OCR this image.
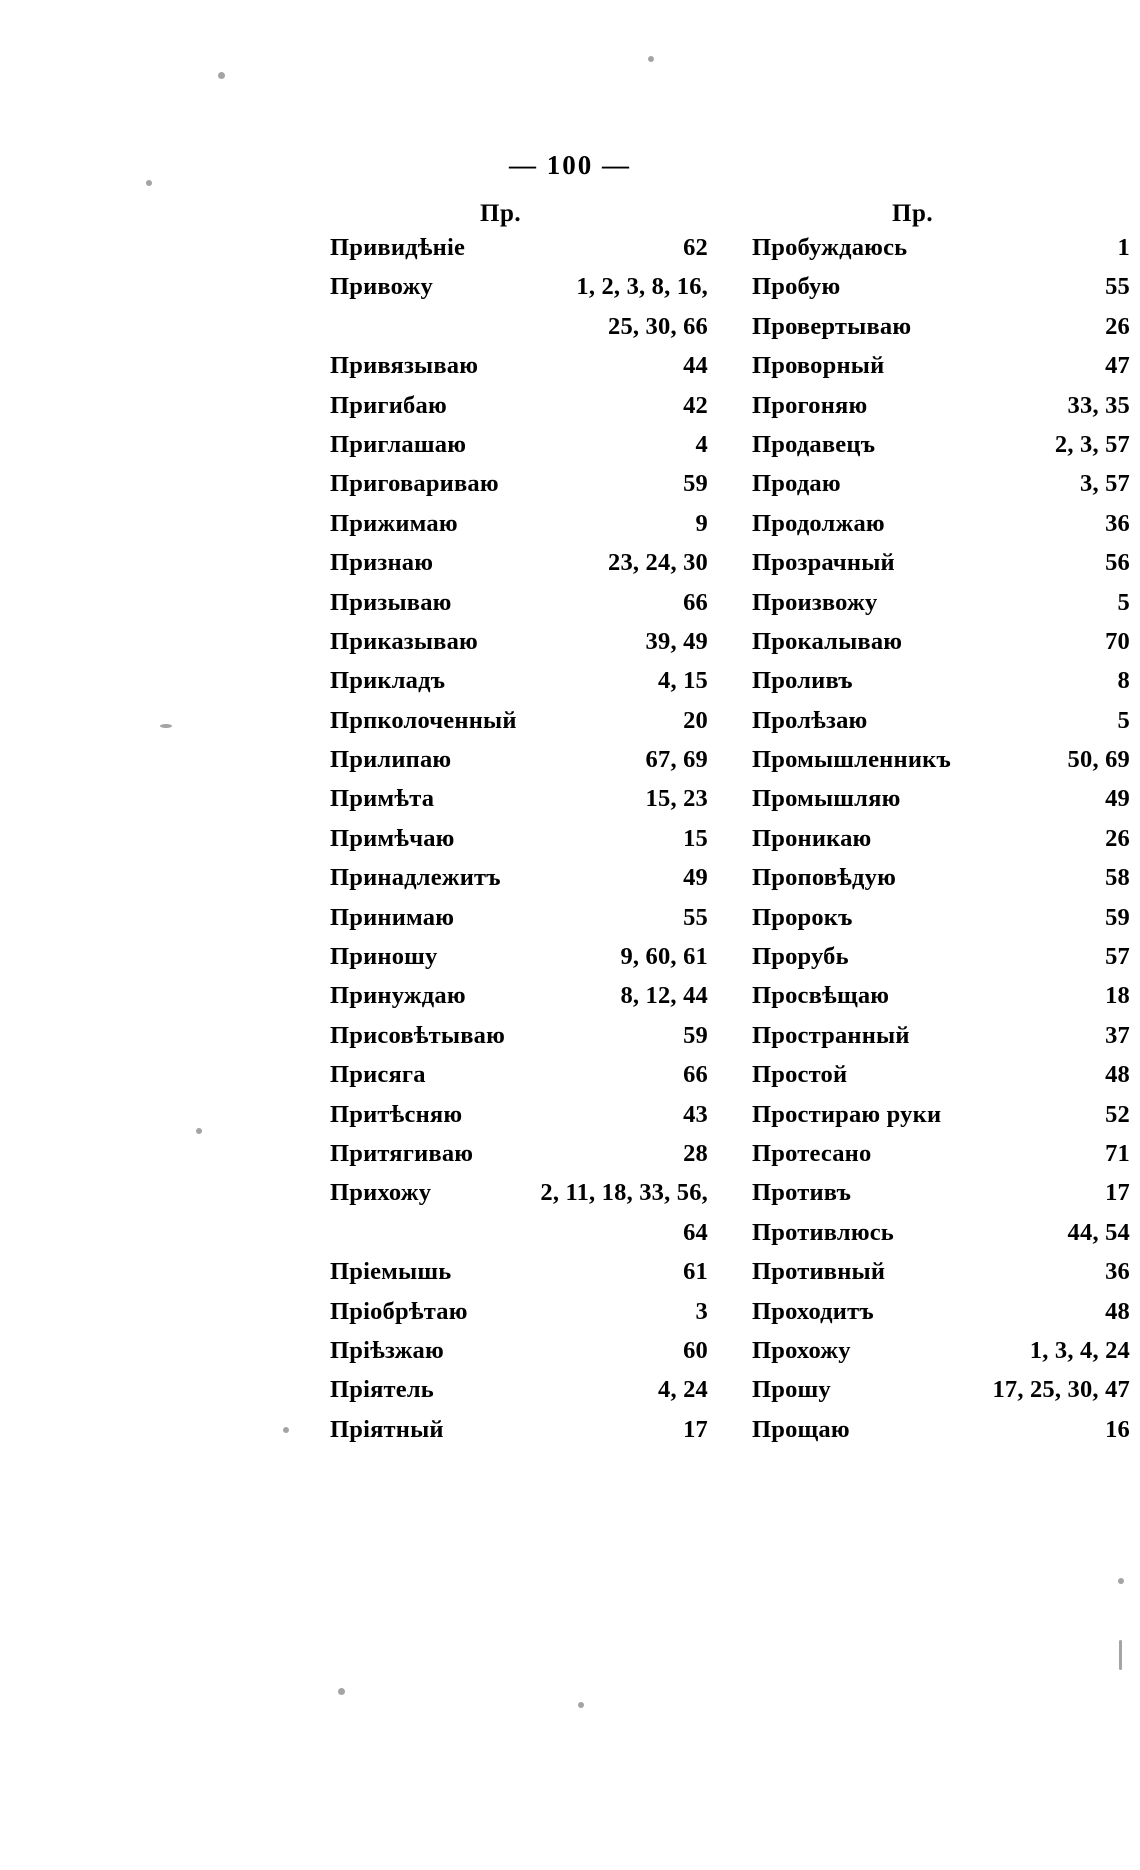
— 100 —
Пр.
Привидѣніе	62
Привожу	1, 2, 3, 8, 16,
25, 30, 66
Привязываю	44
Пригибаю	42
Приглашаю	4
Приговариваю	59
Прижимаю	9
Признаю	23, 24, 30
Призываю	66
Приказываю	39, 49
Прикладъ	4, 15
Прпколоченный	20
Прилипаю	67, 69
Примѣта	15, 23
Примѣчаю	15
Принадлежитъ	49
Принимаю	55
Приношу	9, 60, 61
Принуждаю	8, 12, 44
Присовѣтываю	59
Присяга	66
Притѣсняю	43
Притягиваю	28
Прихожу	2, 11, 18, 33, 56,
64
Пріемышь	61
Пріобрѣтаю	3
Пріѣзжаю	60
Пріятель	4, 24
Пріятный	17
Пр.
Пробуждаюсь	1
Пробую	55
Провертываю	26
Проворный	47
Прогоняю	33, 35
Продавецъ	2, 3, 57
Продаю	3, 57
Продолжаю	36
Прозрачный	56
Произвожу	5
Прокалываю	70
Проливъ	8
Пролѣзаю	5
Промышленникъ	50, 69
Промышляю	49
Проникаю	26
Проповѣдую	58
Пророкъ	59
Прорубь	57
Просвѣщаю	18
Пространный	37
Простой	48
Простираю руки	52
Протесано	71
Противъ	17
Противлюсь	44, 54
Противный	36
Проходитъ	48
Прохожу	1, 3, 4, 24
Прошу	17, 25, 30, 47
Прощаю	16
